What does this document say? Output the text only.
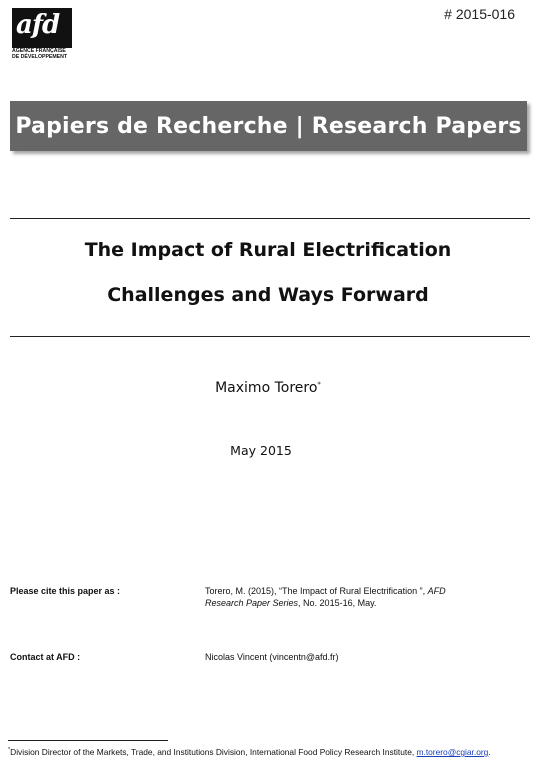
afd
AGENCE FRANÇAISE
DE DÉVELOPPEMENT
# 2015-016
Papiers de Recherche | Research Papers
The Impact of Rural Electrification
Challenges and Ways Forward
Maximo Torero*
May 2015
Please cite this paper as :	Torero, M. (2015), “The Impact of Rural Electrification ”, AFD
Research Paper Series, No. 2015-16, May.
Contact at AFD :	Nicolas Vincent (vincentn@afd.fr)
*Division Director of the Markets, Trade, and Institutions Division, International Food Policy Research Institute, m.torero@cgiar.org.
